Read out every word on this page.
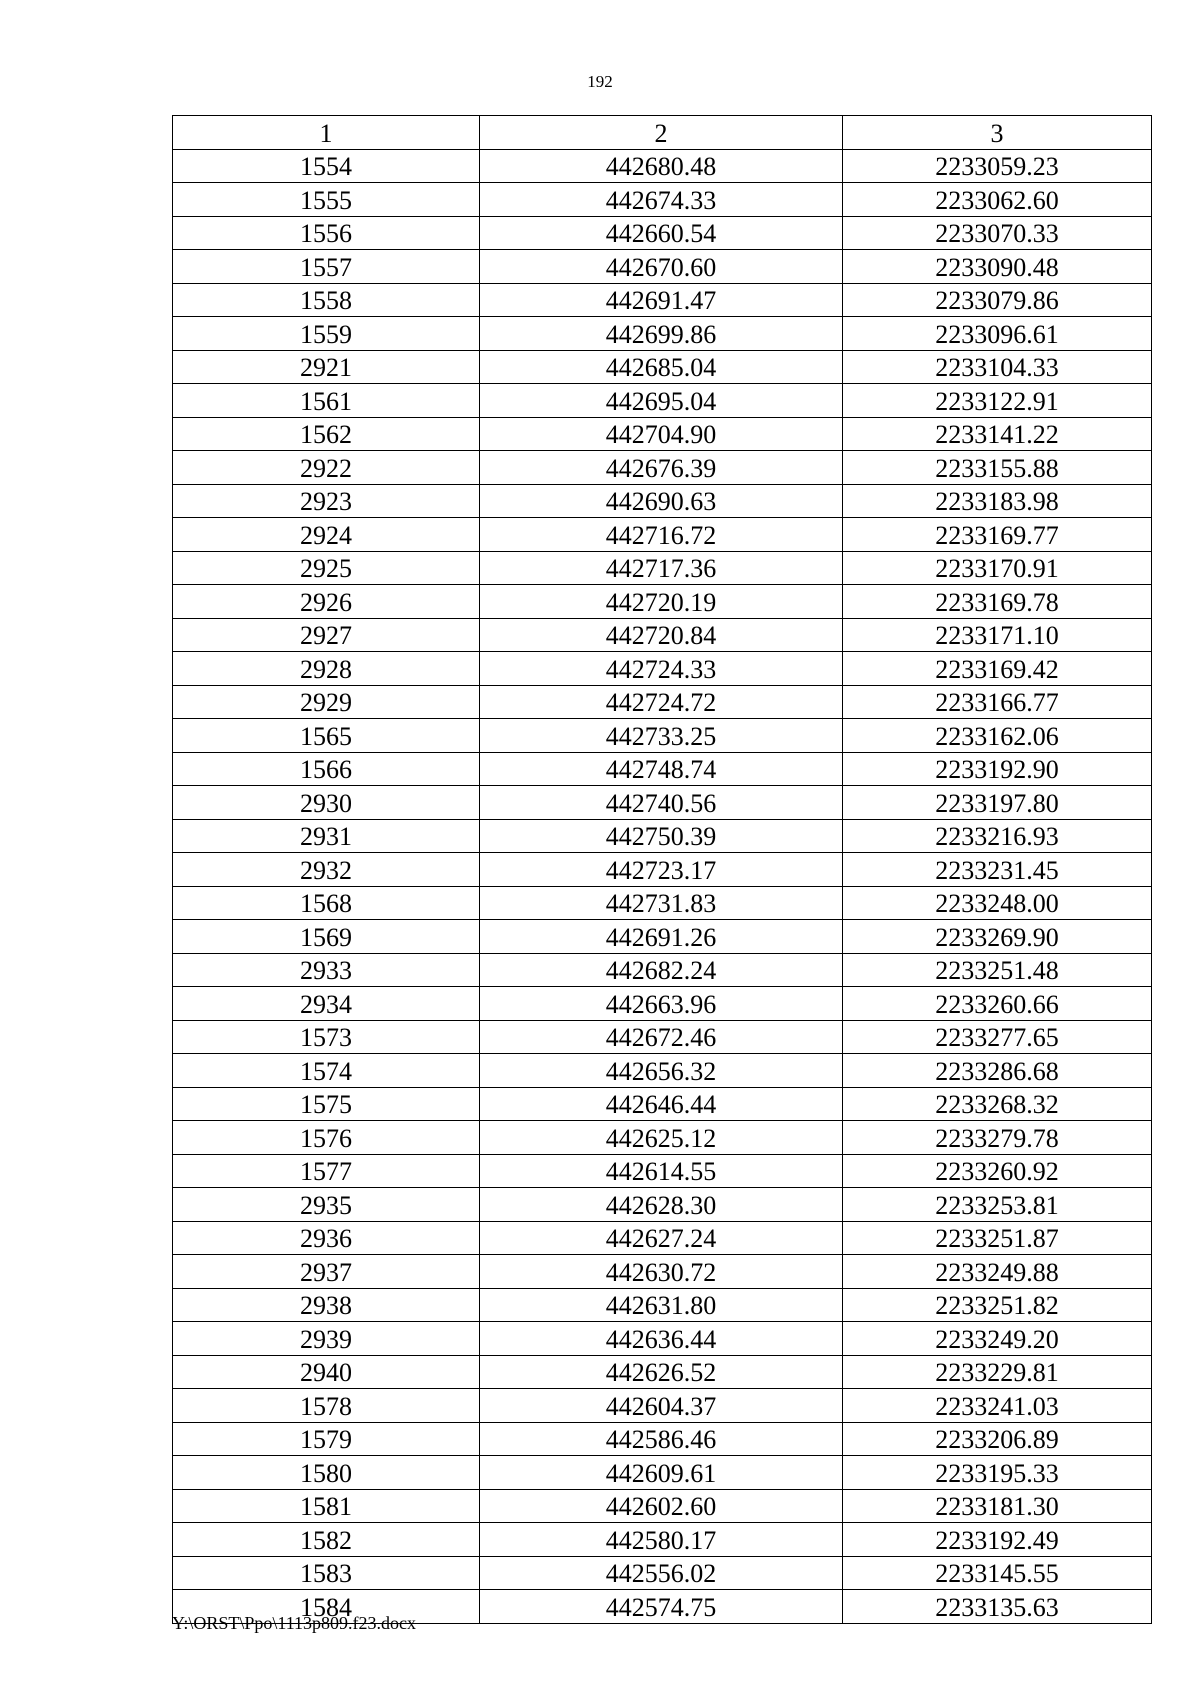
192
1	2	3
1554	442680.48	2233059.23
1555	442674.33	2233062.60
1556	442660.54	2233070.33
1557	442670.60	2233090.48
1558	442691.47	2233079.86
1559	442699.86	2233096.61
2921	442685.04	2233104.33
1561	442695.04	2233122.91
1562	442704.90	2233141.22
2922	442676.39	2233155.88
2923	442690.63	2233183.98
2924	442716.72	2233169.77
2925	442717.36	2233170.91
2926	442720.19	2233169.78
2927	442720.84	2233171.10
2928	442724.33	2233169.42
2929	442724.72	2233166.77
1565	442733.25	2233162.06
1566	442748.74	2233192.90
2930	442740.56	2233197.80
2931	442750.39	2233216.93
2932	442723.17	2233231.45
1568	442731.83	2233248.00
1569	442691.26	2233269.90
2933	442682.24	2233251.48
2934	442663.96	2233260.66
1573	442672.46	2233277.65
1574	442656.32	2233286.68
1575	442646.44	2233268.32
1576	442625.12	2233279.78
1577	442614.55	2233260.92
2935	442628.30	2233253.81
2936	442627.24	2233251.87
2937	442630.72	2233249.88
2938	442631.80	2233251.82
2939	442636.44	2233249.20
2940	442626.52	2233229.81
1578	442604.37	2233241.03
1579	442586.46	2233206.89
1580	442609.61	2233195.33
1581	442602.60	2233181.30
1582	442580.17	2233192.49
1583	442556.02	2233145.55
1584	442574.75	2233135.63
Y:\ORST\Ppo\1113p809.f23.docx
